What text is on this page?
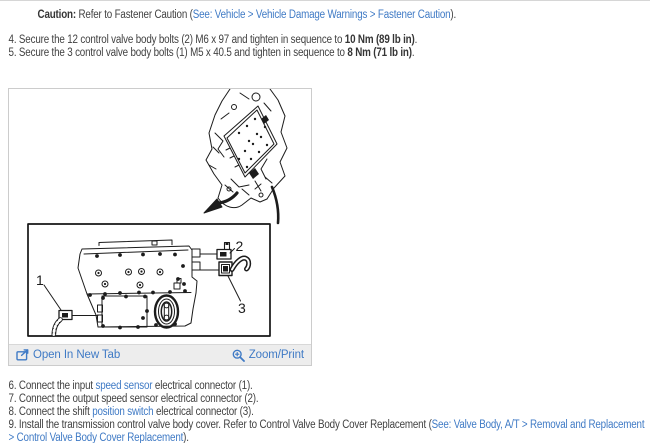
Caution: Refer to Fastener Caution (See: Vehicle > Vehicle Damage Warnings > Fastener Caution).

4. Secure the 12 control valve body bolts (2) M6 x 97 and tighten in sequence to 10 Nm (89 lb in).

5. Secure the 3 control valve body bolts (1) M5 x 40.5 and tighten in sequence to 8 Nm (71 lb in).

1
2
3
Open In New Tab	Zoom/Print

6. Connect the input speed sensor electrical connector (1).

7. Connect the output speed sensor electrical connector (2).

8. Connect the shift position switch electrical connector (3).

9. Install the transmission control valve body cover. Refer to Control Valve Body Cover Replacement (See: Valve Body, A/T > Removal and Replacement > Control Valve Body Cover Replacement).
